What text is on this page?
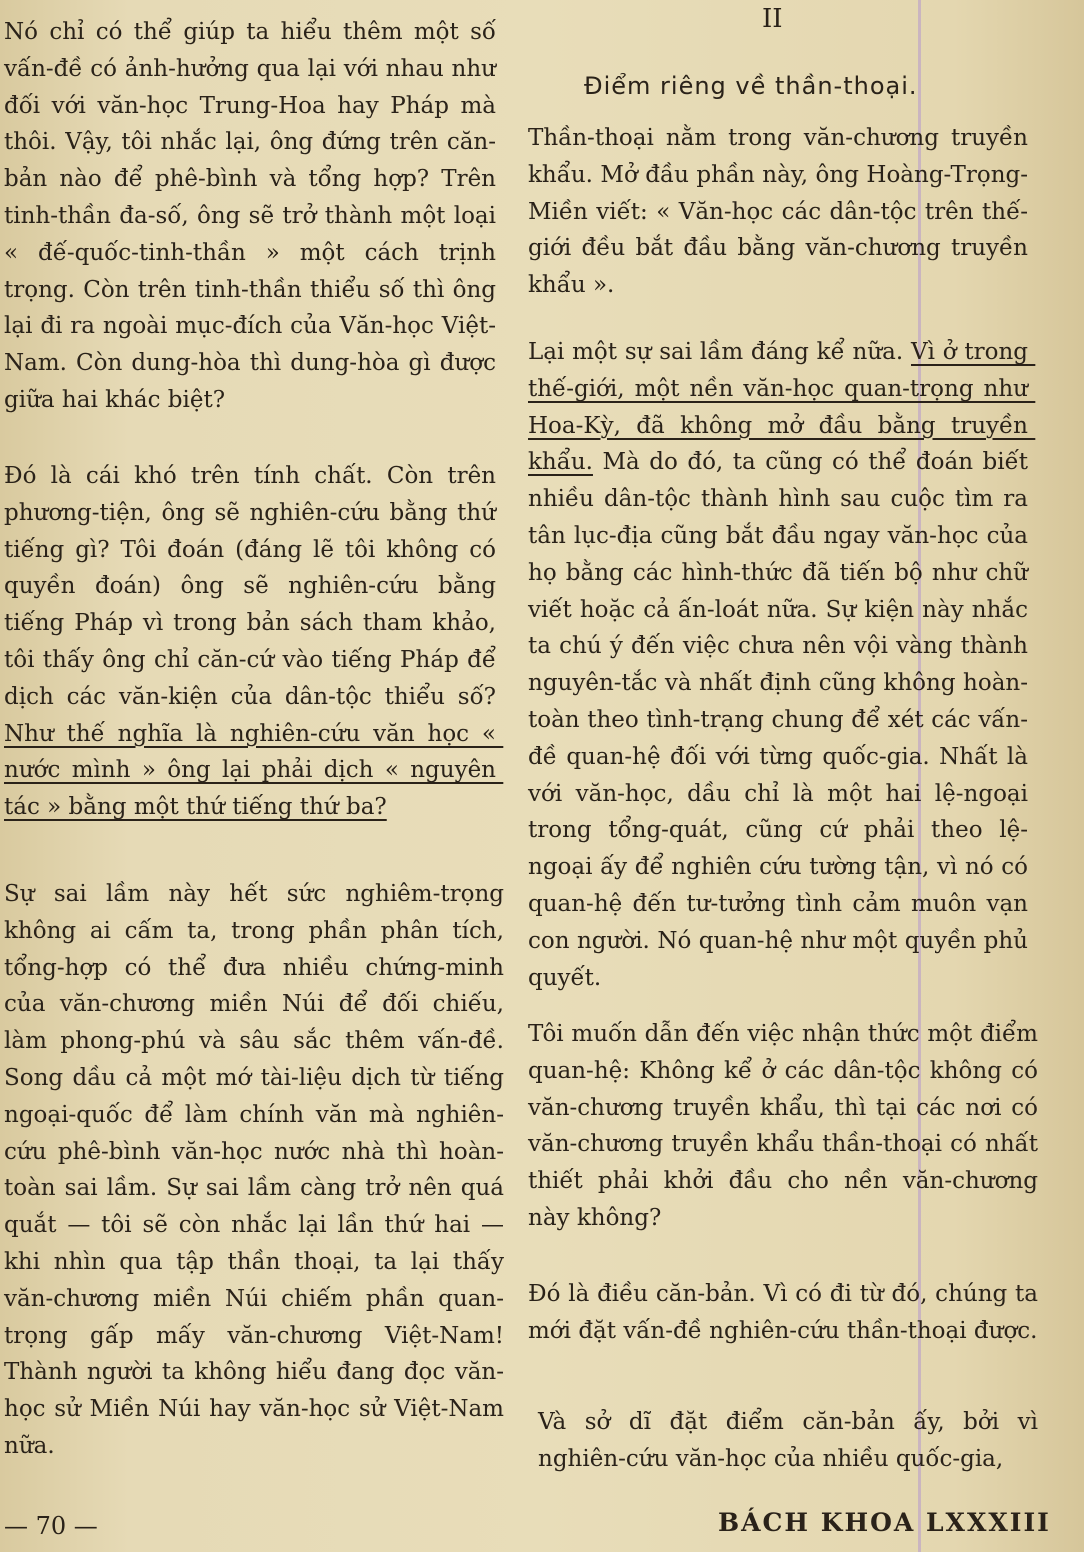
Nó chỉ có thể giúp ta hiểu thêm một số vấn-đề có ảnh-hưởng qua lại với nhau như đối với văn-học Trung-Hoa hay Pháp mà thôi. Vậy, tôi nhắc lại, ông đứng trên căn-bản nào để phê-bình và tổng hợp? Trên tinh-thần đa-số, ông sẽ trở thành một loại « đế-quốc-tinh-thần » một cách trịnh trọng. Còn trên tinh-thần thiểu số thì ông lại đi ra ngoài mục-đích của Văn-học Việt-Nam. Còn dung-hòa thì dung-hòa gì được giữa hai khác biệt?
Đó là cái khó trên tính chất. Còn trên phương-tiện, ông sẽ nghiên-cứu bằng thứ tiếng gì? Tôi đoán (đáng lẽ tôi không có quyền đoán) ông sẽ nghiên-cứu bằng tiếng Pháp vì trong bản sách tham khảo, tôi thấy ông chỉ căn-cứ vào tiếng Pháp để dịch các văn-kiện của dân-tộc thiểu số? Như thế nghĩa là nghiên-cứu văn học « nước mình » ông lại phải dịch « nguyên tác » bằng một thứ tiếng thứ ba?
Sự sai lầm này hết sức nghiêm-trọng không ai cấm ta, trong phần phân tích, tổng-hợp có thể đưa nhiều chứng-minh của văn-chương miền Núi để đối chiếu, làm phong-phú và sâu sắc thêm vấn-đề. Song dầu cả một mớ tài-liệu dịch từ tiếng ngoại-quốc để làm chính văn mà nghiên-cứu phê-bình văn-học nước nhà thì hoàn-toàn sai lầm. Sự sai lầm càng trở nên quá quắt — tôi sẽ còn nhắc lại lần thứ hai — khi nhìn qua tập thần thoại, ta lại thấy văn-chương miền Núi chiếm phần quan-trọng gấp mấy văn-chương Việt-Nam! Thành người ta không hiểu đang đọc văn-học sử Miền Núi hay văn-học sử Việt-Nam nữa.
II
Điểm riêng về thần-thoại.
Thần-thoại nằm trong văn-chương truyền khẩu. Mở đầu phần này, ông Hoàng-Trọng-Miền viết: « Văn-học các dân-tộc trên thế-giới đều bắt đầu bằng văn-chương truyền khẩu ».
Lại một sự sai lầm đáng kể nữa. Vì ở trong thế-giới, một nền văn-học quan-trọng như Hoa-Kỳ, đã không mở đầu bằng truyền khẩu. Mà do đó, ta cũng có thể đoán biết nhiều dân-tộc thành hình sau cuộc tìm ra tân lục-địa cũng bắt đầu ngay văn-học của họ bằng các hình-thức đã tiến bộ như chữ viết hoặc cả ấn-loát nữa. Sự kiện này nhắc ta chú ý đến việc chưa nên vội vàng thành nguyên-tắc và nhất định cũng không hoàn-toàn theo tình-trạng chung để xét các vấn-đề quan-hệ đối với từng quốc-gia. Nhất là với văn-học, dầu chỉ là một hai lệ-ngoại trong tổng-quát, cũng cứ phải theo lệ-ngoại ấy để nghiên cứu tường tận, vì nó có quan-hệ đến tư-tưởng tình cảm muôn vạn con người. Nó quan-hệ như một quyền phủ quyết.
Tôi muốn dẫn đến việc nhận thức một điểm quan-hệ: Không kể ở các dân-tộc không có văn-chương truyền khẩu, thì tại các nơi có văn-chương truyền khẩu thần-thoại có nhất thiết phải khởi đầu cho nền văn-chương này không?
Đó là điều căn-bản. Vì có đi từ đó, chúng ta mới đặt vấn-đề nghiên-cứu thần-thoại được.
Và sở dĩ đặt điểm căn-bản ấy, bởi vì nghiên-cứu văn-học của nhiều quốc-gia,
— 70 —	BÁCH KHOA LXXXIII
